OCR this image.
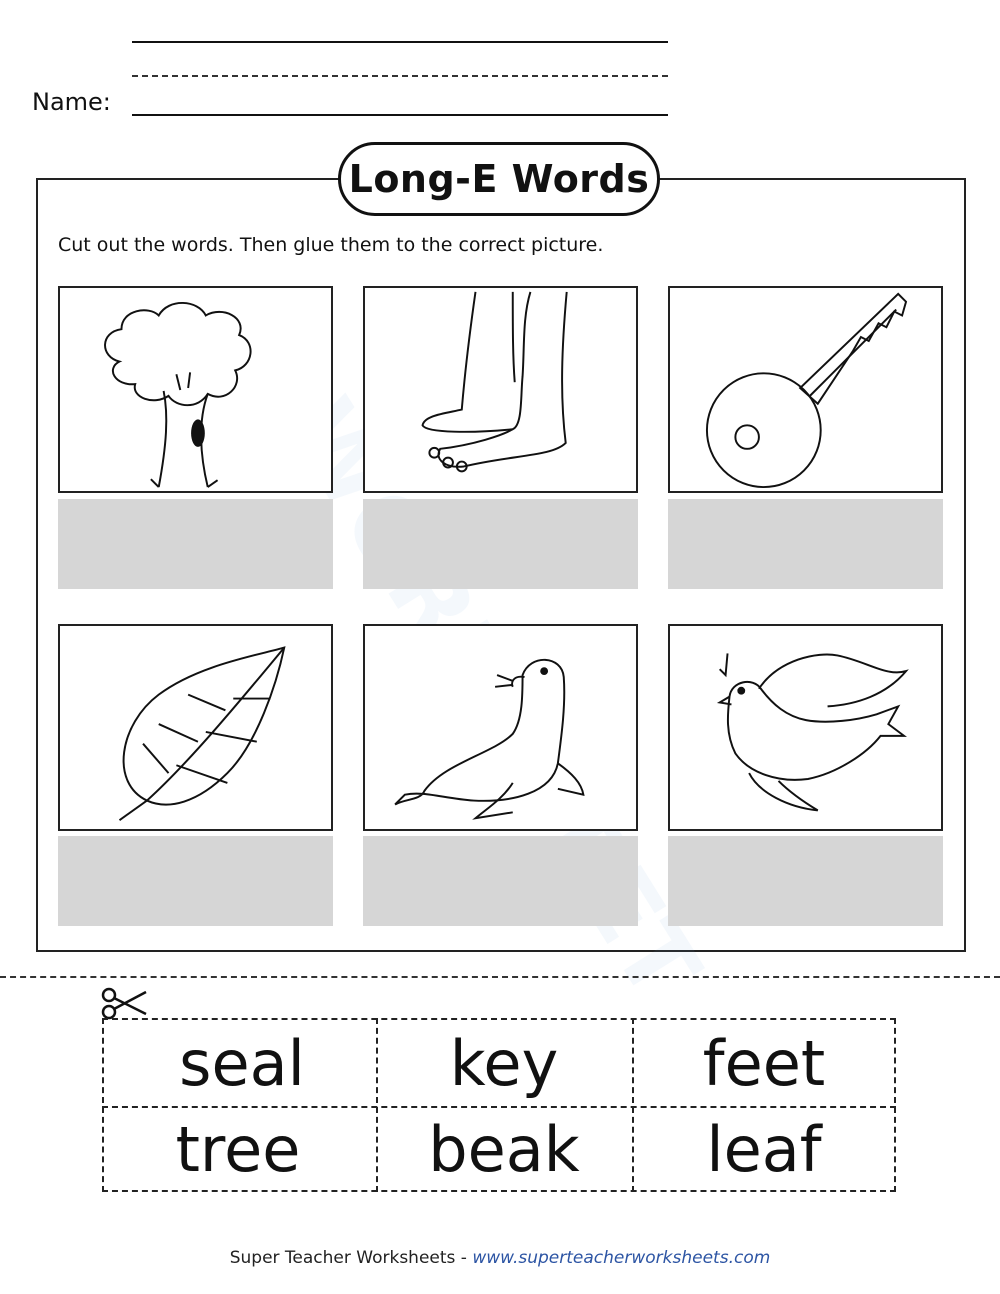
Name:
Long-E Words
Cut out the words. Then glue them to the correct picture.
seal	key	feet
tree	beak	leaf
Super Teacher Worksheets - www.superteacherworksheets.com
